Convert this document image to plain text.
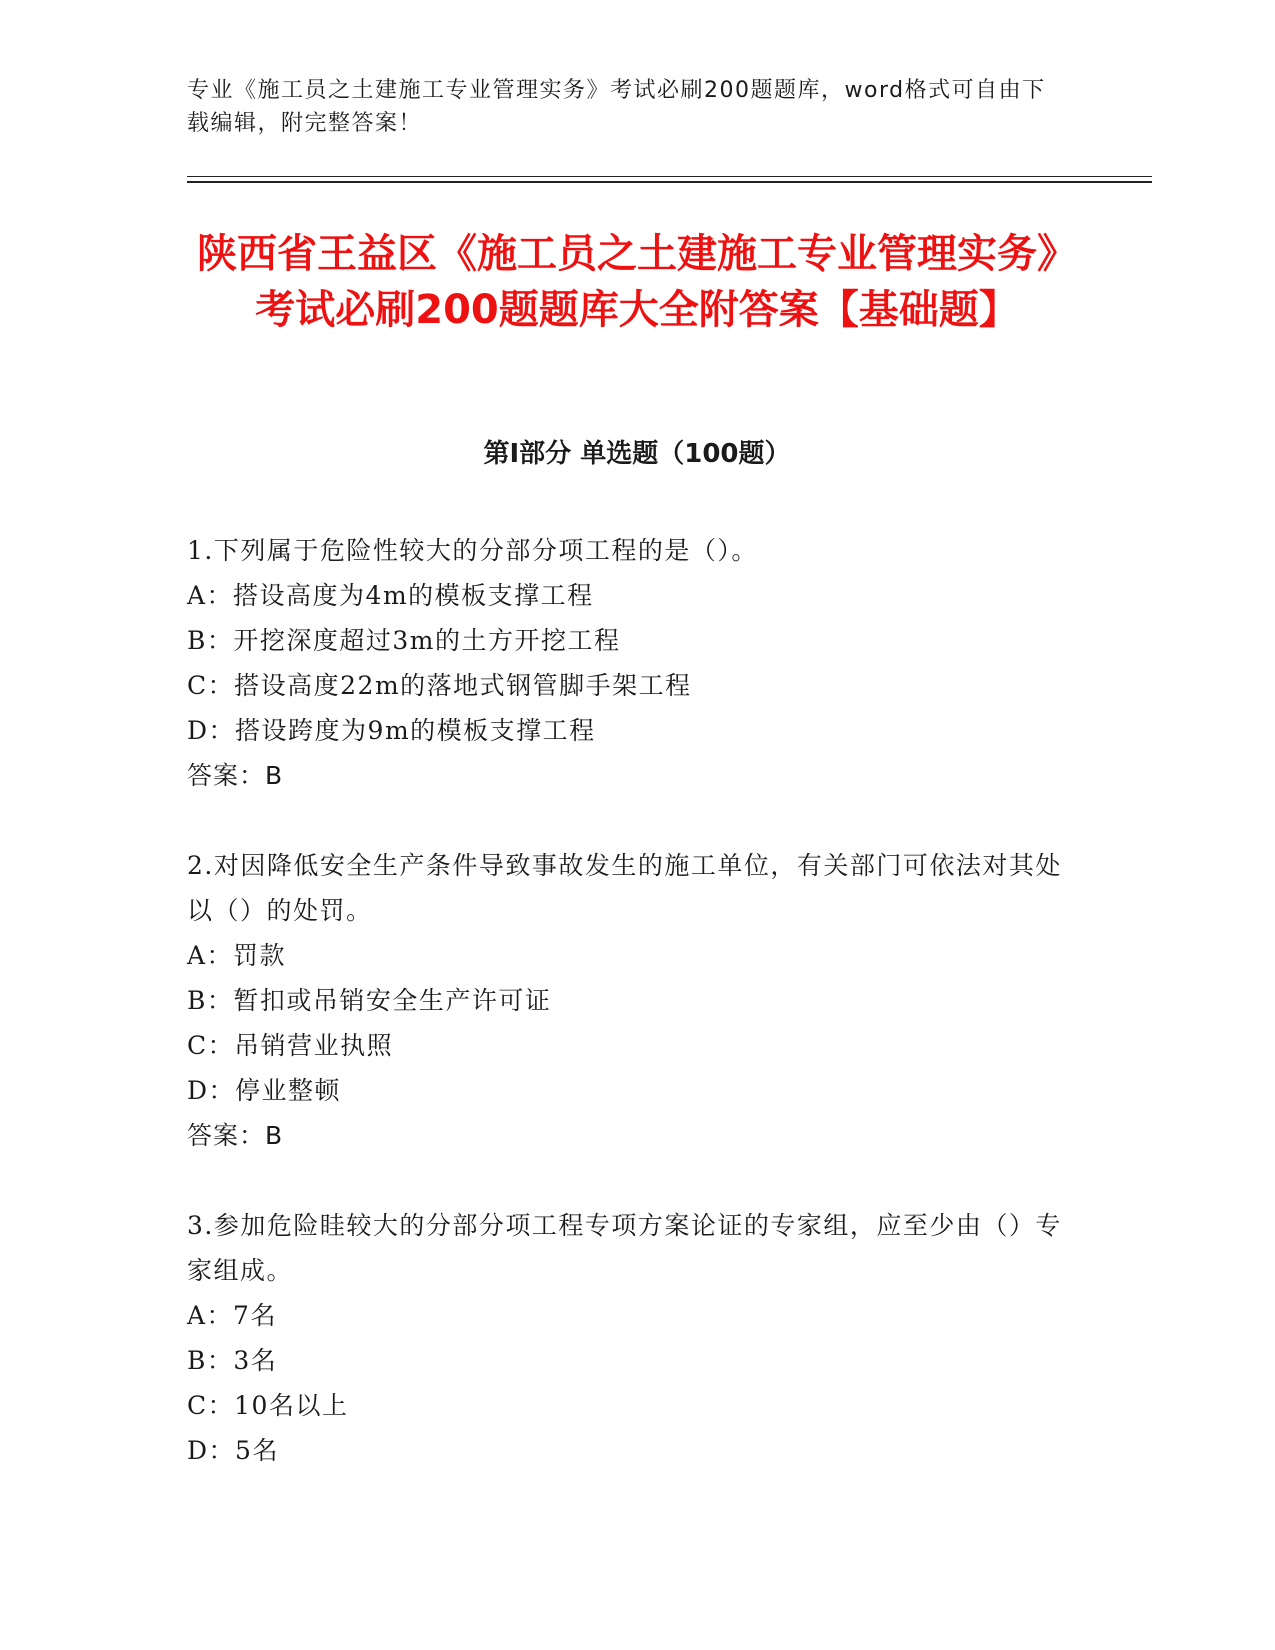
专业《施工员之土建施工专业管理实务》考试必刷200题题库，word格式可自由下载编辑，附完整答案！
陕西省王益区《施工员之土建施工专业管理实务》考试必刷200题题库大全附答案【基础题】
第I部分 单选题（100题）
1.下列属于危险性较大的分部分项工程的是（）。
A：搭设高度为4m的模板支撑工程
B：开挖深度超过3m的土方开挖工程
C：搭设高度22m的落地式钢管脚手架工程
D：搭设跨度为9m的模板支撑工程
答案：B
2.对因降低安全生产条件导致事故发生的施工单位，有关部门可依法对其处以（）的处罚。
A：罚款
B：暂扣或吊销安全生产许可证
C：吊销营业执照
D：停业整顿
答案：B
3.参加危险眭较大的分部分项工程专项方案论证的专家组，应至少由（）专家组成。
A：7名
B：3名
C：10名以上
D：5名
